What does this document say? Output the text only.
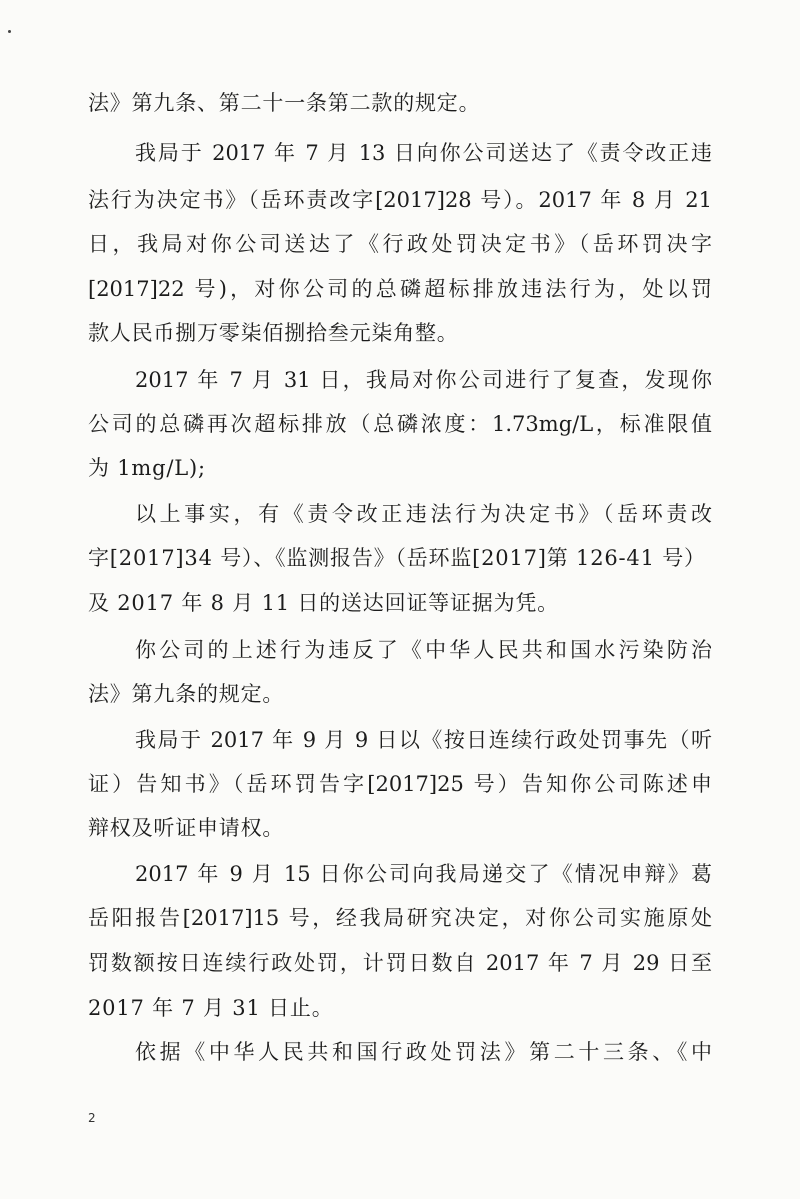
法》第九条、第二十一条第二款的规定。
我局于 2017 年 7 月 13 日向你公司送达了《责令改正违
法行为决定书》（岳环责改字[2017]28 号）。2017 年 8 月 21
日，我局对你公司送达了《行政处罚决定书》（岳环罚决字
[2017]22 号)，对你公司的总磷超标排放违法行为，处以罚
款人民币捌万零柒佰捌拾叁元柒角整。
2017 年 7 月 31 日，我局对你公司进行了复查，发现你
公司的总磷再次超标排放（总磷浓度：1.73mg/L，标准限值
为 1mg/L);
以上事实，有《责令改正违法行为决定书》（岳环责改
字[2017]34 号）、《监测报告》（岳环监[2017]第 126-41 号）
及 2017 年 8 月 11 日的送达回证等证据为凭。
你公司的上述行为违反了《中华人民共和国水污染防治
法》第九条的规定。
我局于 2017 年 9 月 9 日以《按日连续行政处罚事先（听
证）告知书》（岳环罚告字[2017]25 号）告知你公司陈述申
辩权及听证申请权。
2017 年 9 月 15 日你公司向我局递交了《情况申辩》葛
岳阳报告[2017]15 号，经我局研究决定，对你公司实施原处
罚数额按日连续行政处罚，计罚日数自 2017 年 7 月 29 日至
2017 年 7 月 31 日止。
依据《中华人民共和国行政处罚法》第二十三条、《中
2
